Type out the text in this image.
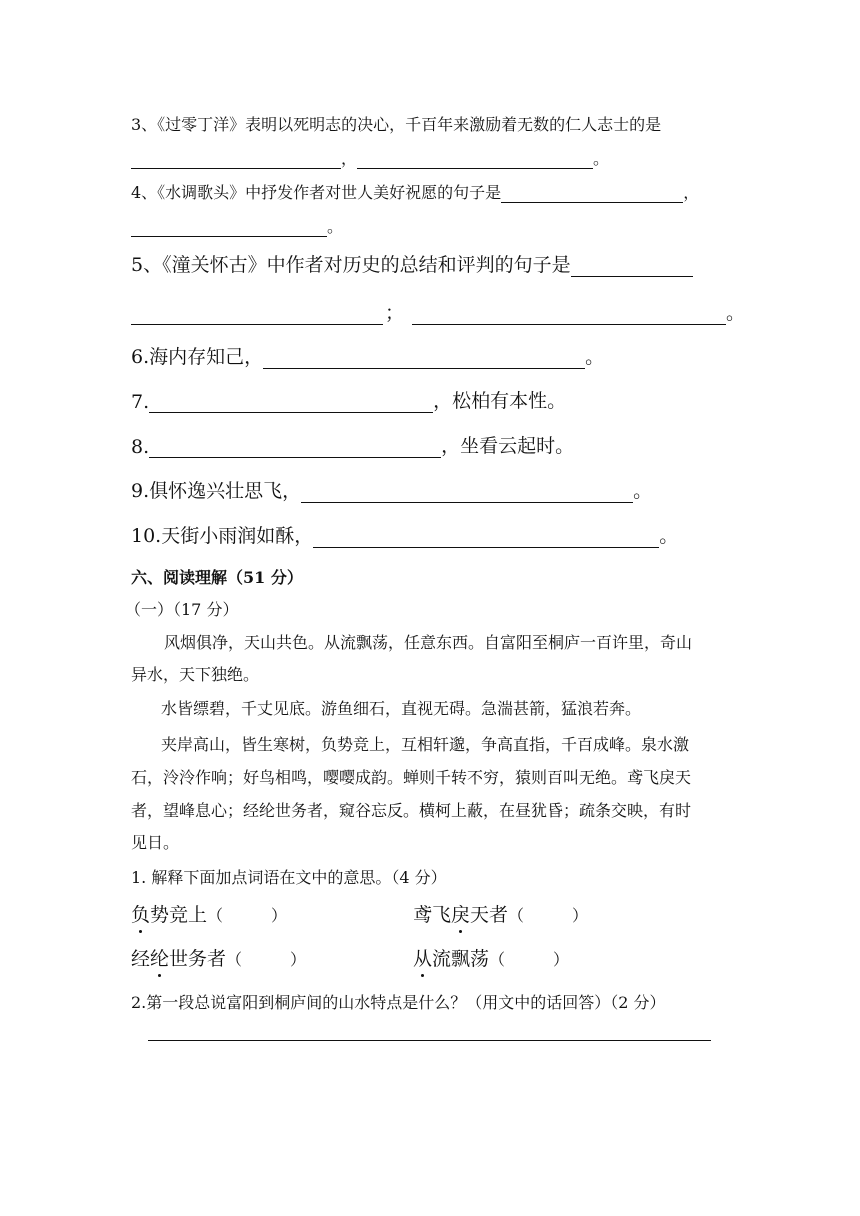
3、《过零丁洋》表明以死明志的决心，千百年来激励着无数的仁人志士的是
，	。
4、《水调歌头》中抒发作者对世人美好祝愿的句子是	，
。
5、《潼关怀古》中作者对历史的总结和评判的句子是
；	。
6.海内存知己，	。
7.	，松柏有本性。
8.	，坐看云起时。
9.俱怀逸兴壮思飞，	。
10.天街小雨润如酥，	。
六、阅读理解（51 分）
（一）（17 分）
风烟俱净，天山共色。从流飘荡，任意东西。自富阳至桐庐一百许里，奇山
异水，天下独绝。
水皆缥碧，千丈见底。游鱼细石，直视无碍。急湍甚箭，猛浪若奔。
夹岸高山，皆生寒树，负势竞上，互相轩邈，争高直指，千百成峰。泉水激
石，泠泠作响；好鸟相鸣，嘤嘤成韵。蝉则千转不穷，猿则百叫无绝。鸢飞戾天
者，望峰息心；经纶世务者，窥谷忘反。横柯上蔽，在昼犹昏；疏条交映，有时
见日。
1. 解释下面加点词语在文中的意思。（4 分）
负势竞上（　　　）	鸢飞戾天者（　　　）
经纶世务者（　　　）	从流飘荡（　　　）
2.第一段总说富阳到桐庐间的山水特点是什么？（用文中的话回答）（2 分）
